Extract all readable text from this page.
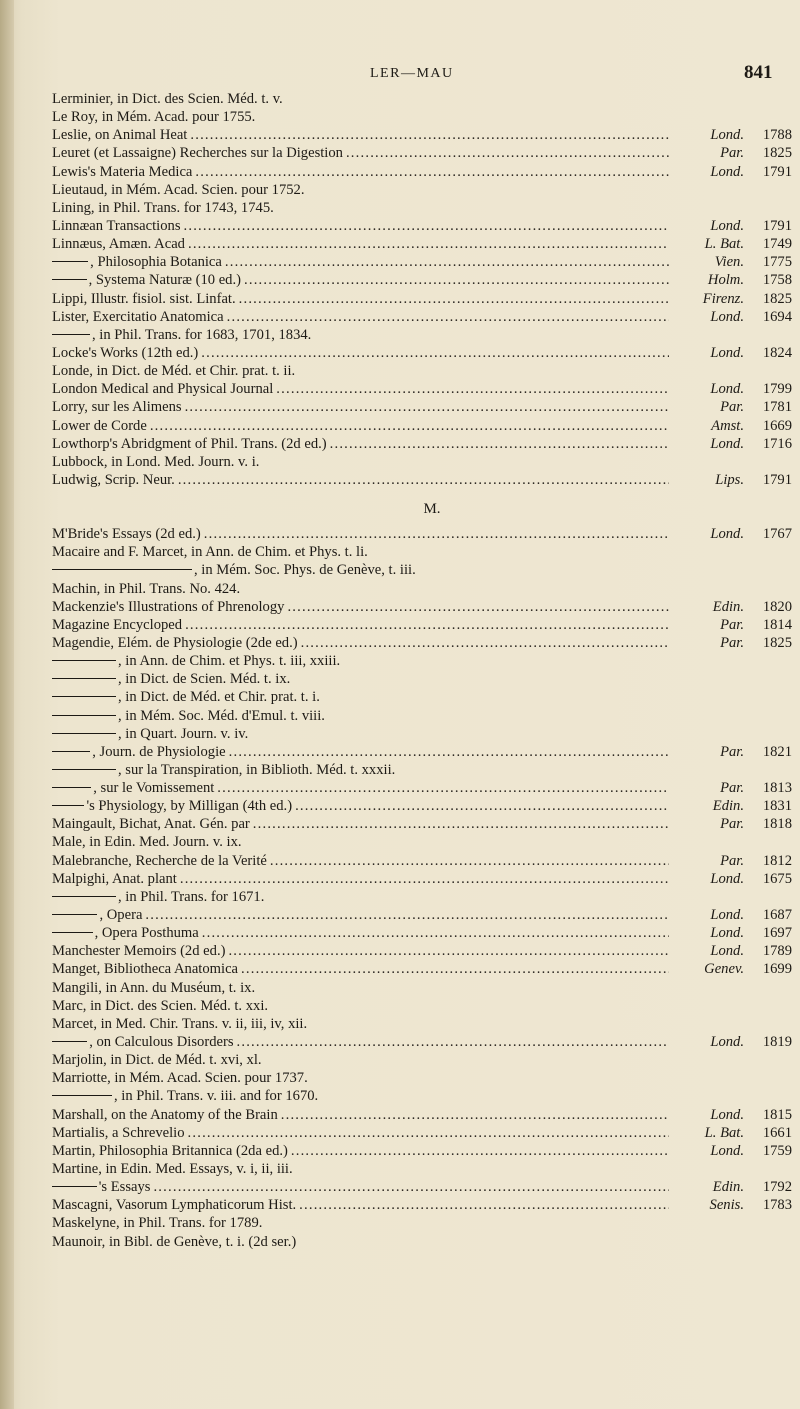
LER—MAU	841
Lerminier, in Dict. des Scien. Méd. t. v.
Le Roy, in Mém. Acad. pour 1755.
Leslie, on Animal Heat .....	Lond.	1788
Leuret (et Lassaigne) Recherches sur la Digestion .....	Par.	1825
Lewis's Materia Medica .....	Lond.	1791
Lieutaud, in Mém. Acad. Scien. pour 1752.
Lining, in Phil. Trans. for 1743, 1745.
Linnæan Transactions .....	Lond.	1791
Linnæus, Amæn. Acad .....	L. Bat.	1749
, Philosophia Botanica .....	Vien.	1775
, Systema Naturæ (10 ed.) .....	Holm.	1758
Lippi, Illustr. fisiol. sist. Linfat. .....	Firenz.	1825
Lister, Exercitatio Anatomica .....	Lond.	1694
, in Phil. Trans. for 1683, 1701, 1834.
Locke's Works (12th ed.) .....	Lond.	1824
Londe, in Dict. de Méd. et Chir. prat. t. ii.
London Medical and Physical Journal .....	Lond.	1799
Lorry, sur les Alimens .....	Par.	1781
Lower de Corde .....	Amst.	1669
Lowthorp's Abridgment of Phil. Trans. (2d ed.) .....	Lond.	1716
Lubbock, in Lond. Med. Journ. v. i.
Ludwig, Scrip. Neur. .....	Lips.	1791
M.
M'Bride's Essays (2d ed.) .....	Lond.	1767
Macaire and F. Marcet, in Ann. de Chim. et Phys. t. li.
, in Mém. Soc. Phys. de Genève, t. iii.
Machin, in Phil. Trans. No. 424.
Mackenzie's Illustrations of Phrenology .....	Edin.	1820
Magazine Encycloped .....	Par.	1814
Magendie, Elém. de Physiologie (2de ed.) .....	Par.	1825
, in Ann. de Chim. et Phys. t. iii, xxiii.
, in Dict. de Scien. Méd. t. ix.
, in Dict. de Méd. et Chir. prat. t. i.
, in Mém. Soc. Méd. d'Emul. t. viii.
, in Quart. Journ. v. iv.
, Journ. de Physiologie .....	Par.	1821
, sur la Transpiration, in Biblioth. Méd. t. xxxii.
, sur le Vomissement .....	Par.	1813
's Physiology, by Milligan (4th ed.) .....	Edin.	1831
Maingault, Bichat, Anat. Gén. par .....	Par.	1818
Male, in Edin. Med. Journ. v. ix.
Malebranche, Recherche de la Verité .....	Par.	1812
Malpighi, Anat. plant .....	Lond.	1675
, in Phil. Trans. for 1671.
, Opera .....	Lond.	1687
, Opera Posthuma .....	Lond.	1697
Manchester Memoirs (2d ed.) .....	Lond.	1789
Manget, Bibliotheca Anatomica .....	Genev.	1699
Mangili, in Ann. du Muséum, t. ix.
Marc, in Dict. des Scien. Méd. t. xxi.
Marcet, in Med. Chir. Trans. v. ii, iii, iv, xii.
, on Calculous Disorders .....	Lond.	1819
Marjolin, in Dict. de Méd. t. xvi, xl.
Marriotte, in Mém. Acad. Scien. pour 1737.
, in Phil. Trans. v. iii. and for 1670.
Marshall, on the Anatomy of the Brain .....	Lond.	1815
Martialis, a Schrevelio .....	L. Bat.	1661
Martin, Philosophia Britannica (2da ed.) .....	Lond.	1759
Martine, in Edin. Med. Essays, v. i, ii, iii.
's Essays .....	Edin.	1792
Mascagni, Vasorum Lymphaticorum Hist. .....	Senis.	1783
Maskelyne, in Phil. Trans. for 1789.
Maunoir, in Bibl. de Genève, t. i. (2d ser.)
